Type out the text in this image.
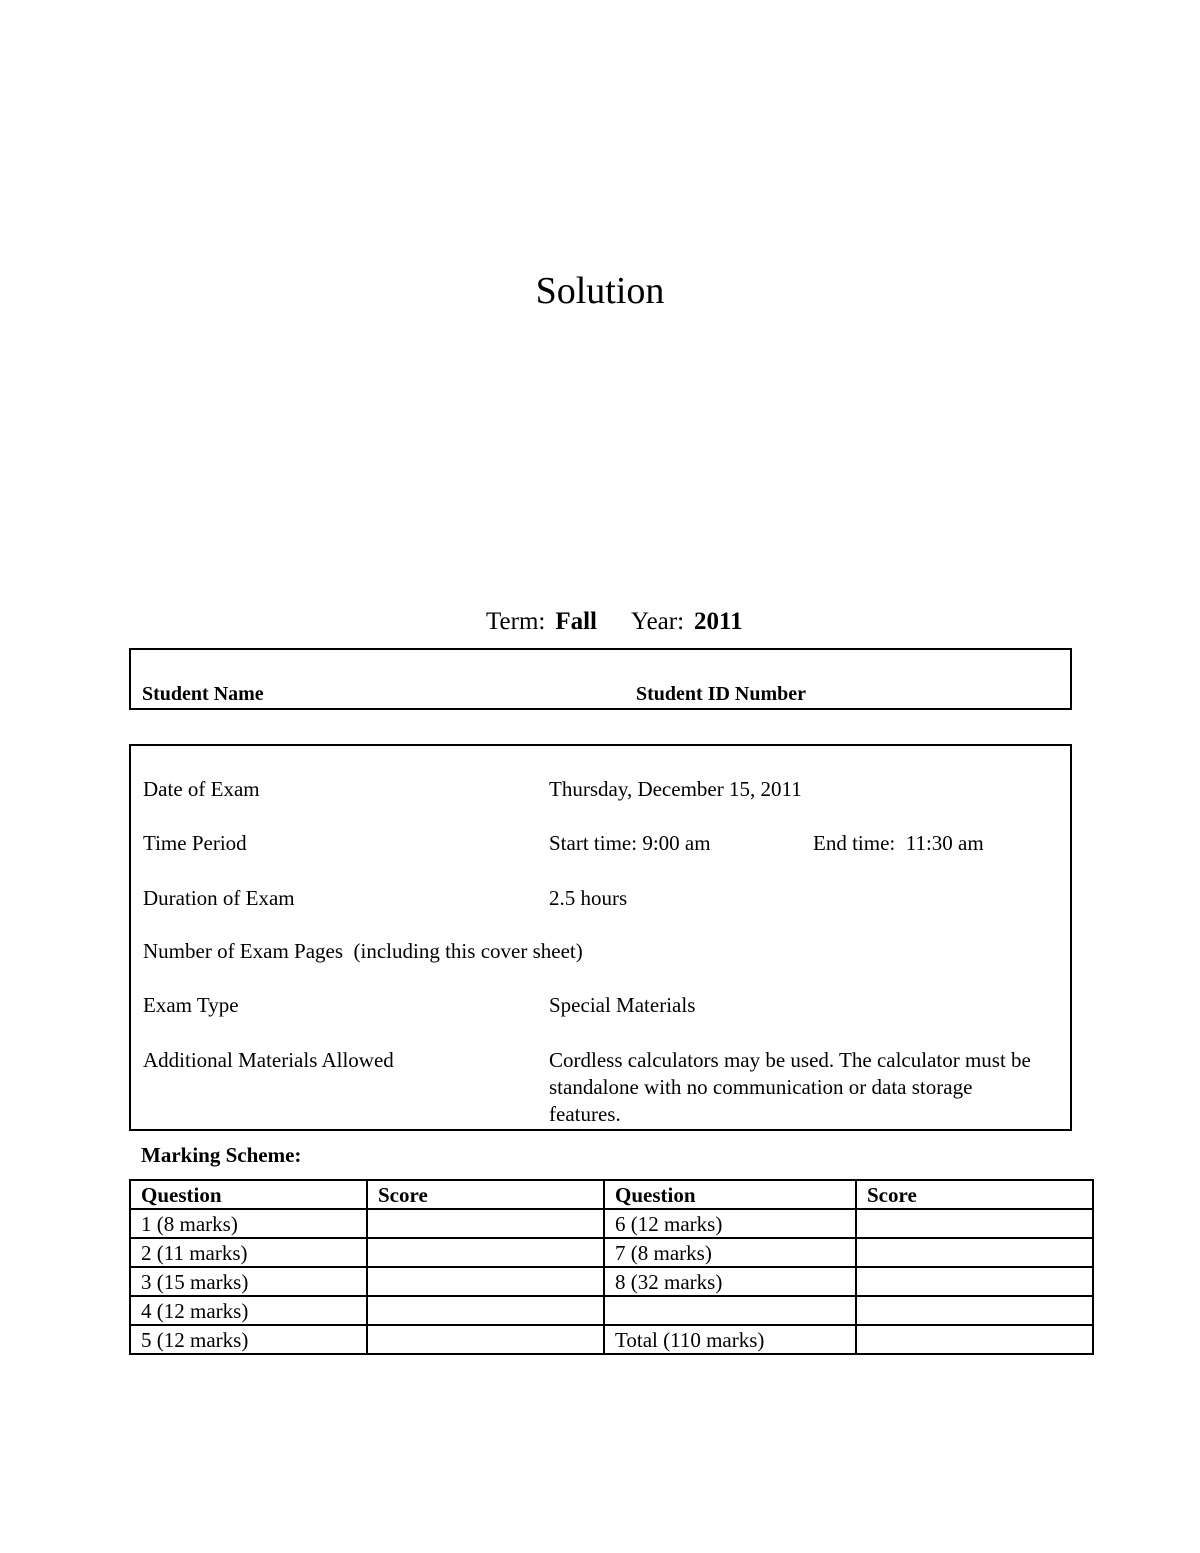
Solution
Term: Fall Year: 2011
Student Name	Student ID Number
Date of Exam	Thursday, December 15, 2011
Time Period	Start time: 9:00 am	End time:  11:30 am
Duration of Exam	2.5 hours
Number of Exam Pages  (including this cover sheet)
Exam Type	Special Materials
Additional Materials Allowed	Cordless calculators may be used. The calculator must be standalone with no communication or data storage features.
Marking Scheme:
Question	Score	Question	Score
1 (8 marks)		6 (12 marks)	
2 (11 marks)		7 (8 marks)	
3 (15 marks)		8 (32 marks)	
4 (12 marks)			
5 (12 marks)		Total (110 marks)	
